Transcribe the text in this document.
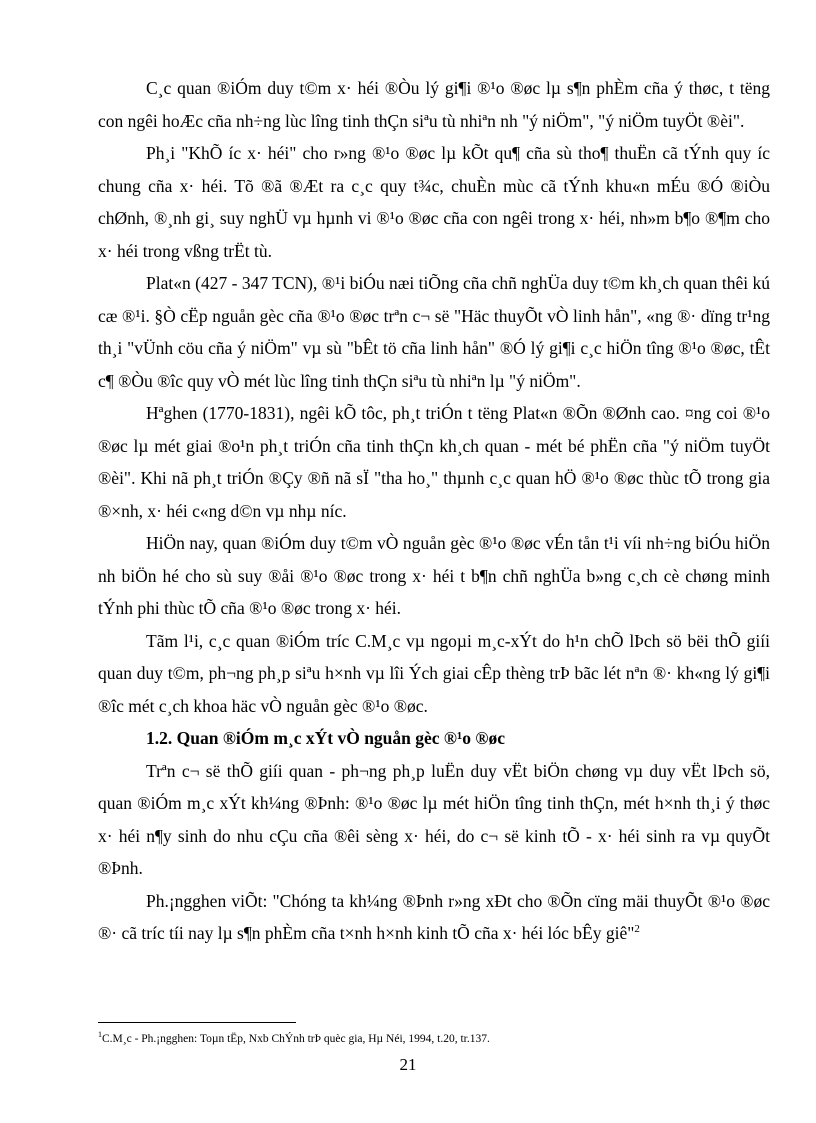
C¸c quan ®iÓm duy t©m x· héi ®Òu lý gi¶i ®¹o ®øc lµ s¶n phÈm cña ý thøc, t tëng con ngêi hoÆc cña nh÷ng lùc lîng tinh thÇn siªu tù nhiªn nh "ý niÖm", "ý niÖm tuyÖt ®èi".

Ph¸i "KhÕ íc x· héi" cho r»ng ®¹o ®øc lµ kÕt qu¶ cña sù tho¶ thuËn cã tÝnh quy íc chung cña x· héi. Tõ ®ã ®Æt ra c¸c quy t¾c, chuÈn mùc cã tÝnh khu«n mÉu ®Ó ®iÒu chØnh, ®¸nh gi¸ suy nghÜ vµ hµnh vi ®¹o ®øc cña con ngêi trong x· héi, nh»m b¶o ®¶m cho x· héi trong vßng trËt tù.

Plat«n (427 - 347 TCN), ®¹i biÓu næi tiÕng cña chñ nghÜa duy t©m kh¸ch quan thêi kú cæ ®¹i. §Ò cËp nguån gèc cña ®¹o ®øc trªn c¬ së "Häc thuyÕt vÒ linh hån", «ng ®· dïng tr¹ng th¸i "vÜnh cöu cña ý niÖm" vµ sù "bÊt tö cña linh hån" ®Ó lý gi¶i c¸c hiÖn tîng ®¹o ®øc, tÊt c¶ ®Òu ®îc quy vÒ mét lùc lîng tinh thÇn siªu tù nhiªn lµ "ý niÖm".

Hªghen (1770-1831), ngêi kÕ tôc, ph¸t triÓn t tëng Plat«n ®Õn ®Ønh cao. ¤ng coi ®¹o ®øc lµ mét giai ®o¹n ph¸t triÓn cña tinh thÇn kh¸ch quan - mét bé phËn cña "ý niÖm tuyÖt ®èi". Khi nã ph¸t triÓn ®Çy ®ñ nã sÏ "tha ho¸" thµnh c¸c quan hÖ ®¹o ®øc thùc tÕ trong gia ®×nh, x· héi c«ng d©n vµ nhµ níc.

HiÖn nay, quan ®iÓm duy t©m vÒ nguån gèc ®¹o ®øc vÉn tån t¹i víi nh÷ng biÓu hiÖn nh biÖn hé cho sù suy ®åi ®¹o ®øc trong x· héi t b¶n chñ nghÜa b»ng c¸ch cè chøng minh tÝnh phi thùc tÕ cña ®¹o ®øc trong x· héi.

Tãm l¹i, c¸c quan ®iÓm tríc C.M¸c vµ ngoµi m¸c-xÝt do h¹n chÕ lÞch sö bëi thÕ giíi quan duy t©m, ph¬ng ph¸p siªu h×nh vµ lîi Ých giai cÊp thèng trÞ bãc lét nªn ®· kh«ng lý gi¶i ®îc mét c¸ch khoa häc vÒ nguån gèc ®¹o ®øc.

1.2. Quan ®iÓm m¸c xÝt vÒ nguån gèc ®¹o ®øc

Trªn c¬ së thÕ giíi quan - ph¬ng ph¸p luËn duy vËt biÖn chøng vµ duy vËt lÞch sö, quan ®iÓm m¸c xÝt kh¼ng ®Þnh: ®¹o ®øc lµ mét hiÖn tîng tinh thÇn, mét h×nh th¸i ý thøc x· héi n¶y sinh do nhu cÇu cña ®êi sèng x· héi, do c¬ së kinh tÕ - x· héi sinh ra vµ quyÕt ®Þnh.

Ph.¡ngghen viÕt: "Chóng ta kh¼ng ®Þnh r»ng xÐt cho ®Õn cïng mäi thuyÕt ®¹o ®øc ®· cã tríc tíi nay lµ s¶n phÈm cña t×nh h×nh kinh tÕ cña x· héi lóc bÊy giê"$^2$

$^1$C.M¸c - Ph.¡ngghen: Toµn tËp, Nxb ChÝnh trÞ quèc gia, Hµ Néi, 1994, t.20, tr.137.
21
